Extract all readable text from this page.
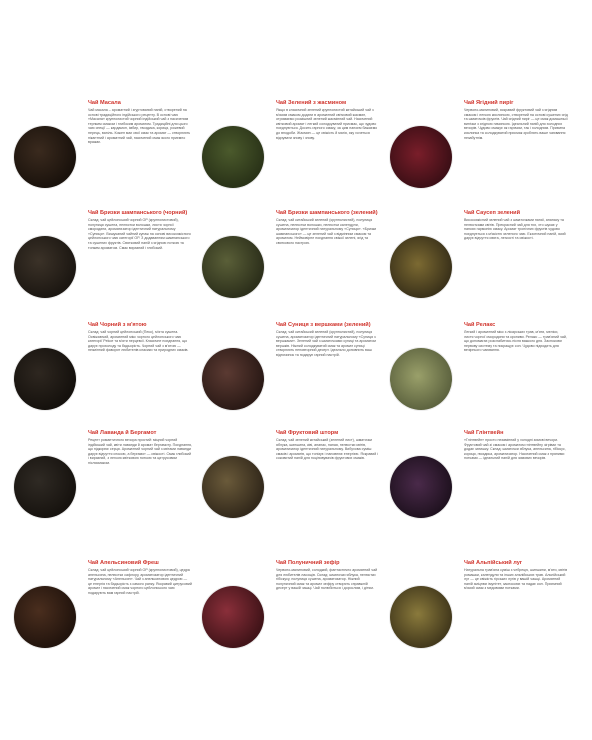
Чай Масала
Чай масала – ароматний і згуртований напій, створений на основі традиційного індійського рецепту. В основі чаю «Масала» крупнолистий чорний індійський чай з насиченим терпким смаком і глибоким ароматом. Традиційні для цього чаю спеції — кардамон, імбир, гвоздика, кориця, рожевий перець, ваніль. Кожен має свої смак та аромат — створюють пікантний і ароматний чай, насичений смак якого приємно вражає.
Чай Зелений з жасмином
Якщо в класичний зелений крупнолистий китайський чай з м'яким смаком додати в ароматний квітковий жасмин, отримаємо розкішний зелений жасмінний чай. Насичений квітковий аромат і легкий солодкуватий присмак, що чудово поєднуються. Досить гарного смаку, за цим напоєм бажаємо до вподоби. Жасмин — це свіжість й магія, яку хочеться відчувати знову і знову.
Чай Ягідний пиріг
Червоно-малиновий, яскравий фруктовий чай з ягідним смаком і легкою кислинкою, створений на основі сушених ягід та шматочків фруктів. Чай ягідний пиріг — це смак домашньої випічки з ягідною начинкою. Ідеальний напій для холодних вечорів. Чудово смакує як гарячим, так і холодним. Приємна кислинка та солодкуватий присмак зроблять ваше чаювання незабутнім.
Чай Бризки шампанського (чорний)
Склад: чай цейлонський чорний OP (крупнолистовий), полуниця сушена, пелюстки волошки, листя чорної смородини, ароматизатор ідентичний натуральному «Суниця». Вишуканий чайний купаж на основі високоякісного цейлонського чаю категорії OP. З додаванням шампанського та сушених фруктів. Святковий напій з ягідною ноткою та тонким ароматом. Смак виразний і глибокий.
Чай Бризки шампанського (зелений)
Склад: чай китайський зелений (крупнолистий), полуниця сушена, пелюстки волошки, пелюстки календули, ароматизатор ідентичний натуральному «Суниця». «Бризки шампанського» — це зелений чай з відмінним смаком та ароматом. Неймовірне поєднання свіжої зелені, ягід та святкового настрою.
Чай Саусеп зелений
Високоякісний зелений чай з шматочками папаї, ананасу та пелюстками квітів. Прекрасний чай для тих, хто шукає у напоях гармонію смаку. Аромат тропічних фруктів чудово поєднується з м'якістю зеленого чаю. Екзотичний напій, який дарує відчуття свята, легкості та свіжості.
Чай Чорний з м'ятою
Склад: чай чорний цейлонський (Пеко), м'ята сушена. Освіжаючий, ароматний мікс чорного цейлонського чаю категорії Pekoe та м'яти перцевої. Класичне поєднання, що дарує прохолоду та бадьорість. Чорний чай з м'ятою — незмінний фаворит любителів класики та природних смаків.
Чай Суниця з вершками (зелений)
Склад: чай китайський зелений (крупнолистий), полуниця сушена, ароматизатор ідентичний натуральному «Суниця з вершками». Зелений чай з шматочками суниці та ароматом вершків. Ніжний солодкуватий смак та аромат суниці створюють неповторний десерт. Ідеально доповнить ваш відпочинок та подарує гарний настрій.
Чай Релакс
Легкий і ароматний мікс з лікарських трав, м'яти, меліси, листя чорної смородини та кропиви. Релакс — трав'яний чай, що допомагає розслабитись після важкого дня. Заспокоює нервову систему та покращує сон. Чудово підходить для вечірнього чаювання.
Чай Лаванда й Бергамот
Рецепт романтичного вечора простий: міцний чорний індійський чай, квіти лаванди й аромат бергамоту. Поєднання, що підкорює серця. Ароматний чорний чай з квітами лаванди дарує відчуття спокою, а бергамот — свіжості. Смак глибокий і виразний, з легкою квітковою ноткою та цитрусовим післясмаком.
Чай Фруктовий шторм
Склад: чай зелений китайський (зелений лист), шматочки яблука, шипшина, ківі, ананас, папая, пелюстки квітів, ароматизатор ідентичний натуральному. Вибухова суміш смаків і ароматів, що тонізує і наповнює енергією. Яскравий і соковитий напій для поціновувачів фруктових смаків.
Чай Глінтвейн
«Глінтвейн» просто незамінний у холодні зимові вечори. Фруктовий чай зі смаком і ароматом глінтвейну зігріває та додає затишку. Склад: шматочки яблука, апельсина, гібіскус, кориця, гвоздика, ароматизатор. Насичений смак з пряними нотками — ідеальний напій для зимових вечорів.
Чай Апельсиновий Фреш
Склад: чай цейлонський чорний OP (крупнолистовий), цедра апельсина, пелюстки сафлору, ароматизатор ідентичний натуральному «Апельсин». Чай з апельсиновою цедрою — це енергія та бадьорість з самого ранку. Яскравий цитрусовий аромат і насичений смак чорного цейлонського чаю подарують вам гарний настрій.
Чай Полуничний зефір
Червоно-малиновий, солодкий, фантастично ароматний чай для любителів ласощів. Склад: шматочки яблука, пелюстки гібіскусу, полуниця сушена, ароматизатор. Ніжний полуничний смак та аромат зефіру створять справжній десерт у вашій чашці. Чай полюбиться і дорослим, і дітям.
Чай Альпійський луг
Натуральна трав'яна суміш з чебрецю, шипшини, м'яти, квітів ромашки, календули та інших альпійських трав. Альпійський луг — це свіжість гірських лугів у вашій чашці. Ароматний напій зміцнює імунітет, заспокоює та надає сил. Приємний м'який смак з медовими нотками.
